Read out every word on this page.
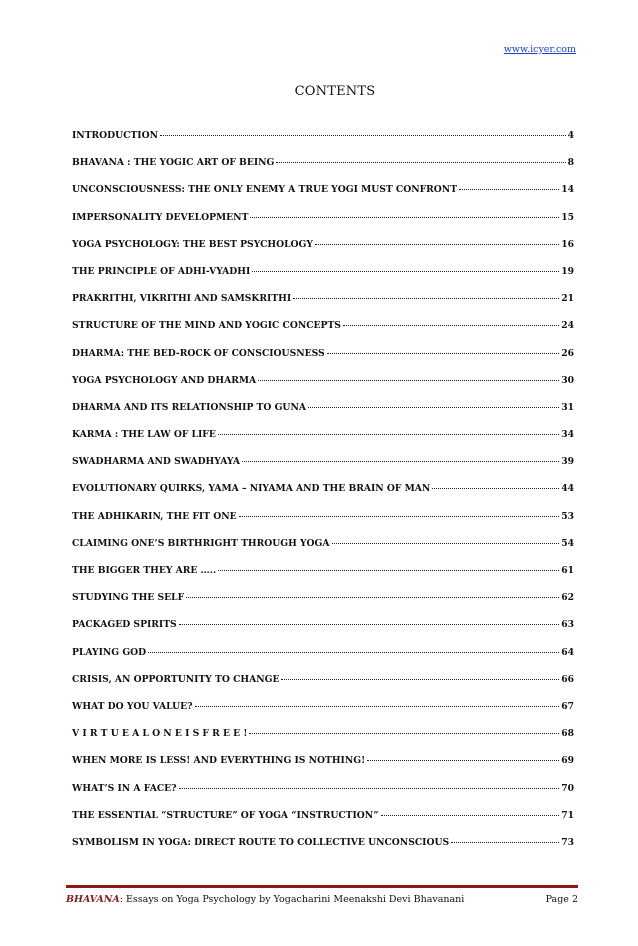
www.icyer.com
CONTENTS
INTRODUCTION	4
BHAVANA : THE YOGIC ART OF BEING	8
UNCONSCIOUSNESS: THE ONLY ENEMY A TRUE YOGI MUST CONFRONT	14
IMPERSONALITY DEVELOPMENT	15
YOGA PSYCHOLOGY: THE BEST PSYCHOLOGY	16
THE PRINCIPLE OF ADHI-VYADHI	19
PRAKRITHI, VIKRITHI AND SAMSKRITHI	21
STRUCTURE OF THE MIND AND YOGIC CONCEPTS	24
DHARMA: THE BED-ROCK OF CONSCIOUSNESS	26
YOGA PSYCHOLOGY AND DHARMA	30
DHARMA AND ITS RELATIONSHIP TO GUNA	31
KARMA : THE LAW OF LIFE	34
SWADHARMA AND SWADHYAYA	39
EVOLUTIONARY QUIRKS, YAMA – NIYAMA AND THE BRAIN OF MAN	44
THE ADHIKARIN, THE FIT ONE	53
CLAIMING ONE’S BIRTHRIGHT THROUGH YOGA	54
THE BIGGER THEY ARE …..	61
STUDYING THE SELF	62
PACKAGED SPIRITS	63
PLAYING GOD	64
CRISIS, AN OPPORTUNITY TO CHANGE	66
WHAT DO YOU VALUE?	67
V I R T U E A L O N E I S F R E E !	68
WHEN MORE IS LESS! AND EVERYTHING IS NOTHING!	69
WHAT’S IN A FACE?	70
THE ESSENTIAL “STRUCTURE” OF YOGA “INSTRUCTION”	71
SYMBOLISM IN YOGA: DIRECT ROUTE TO COLLECTIVE UNCONSCIOUS	73
BHAVANA: Essays on Yoga Psychology by Yogacharini Meenakshi Devi Bhavanani	Page 2
